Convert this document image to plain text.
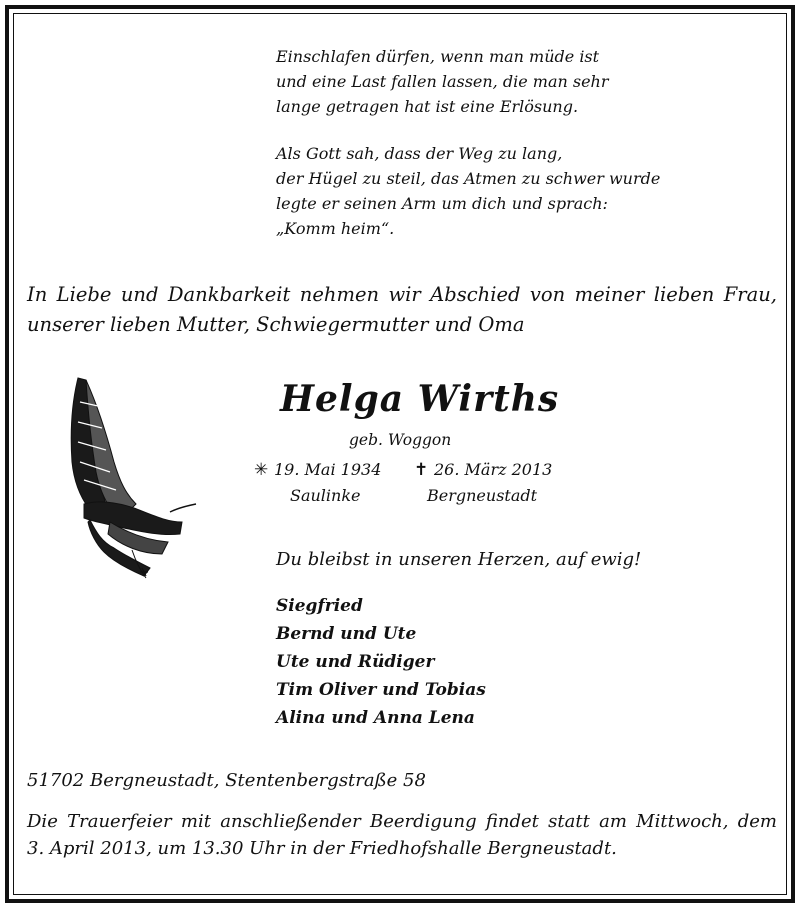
Einschlafen dürfen, wenn man müde ist
und eine Last fallen lassen, die man sehr
lange getragen hat ist eine Erlösung.
Als Gott sah, dass der Weg zu lang,
der Hügel zu steil, das Atmen zu schwer wurde
legte er seinen Arm um dich und sprach:
„Komm heim“.
In Liebe und Dankbarkeit nehmen wir Abschied von meiner lieben Frau,
unserer lieben Mutter, Schwiegermutter und Oma
Helga Wirths
geb. Woggon
✳ 19. Mai 1934
Saulinke
✝ 26. März 2013
Bergneustadt
Du bleibst in unseren Herzen, auf ewig!
Siegfried
Bernd und Ute
Ute und Rüdiger
Tim Oliver und Tobias
Alina und Anna Lena
51702 Bergneustadt, Stentenbergstraße 58
Die Trauerfeier mit anschließender Beerdigung findet statt am Mittwoch, dem
3. April 2013, um 13.30 Uhr in der Friedhofshalle Bergneustadt.
